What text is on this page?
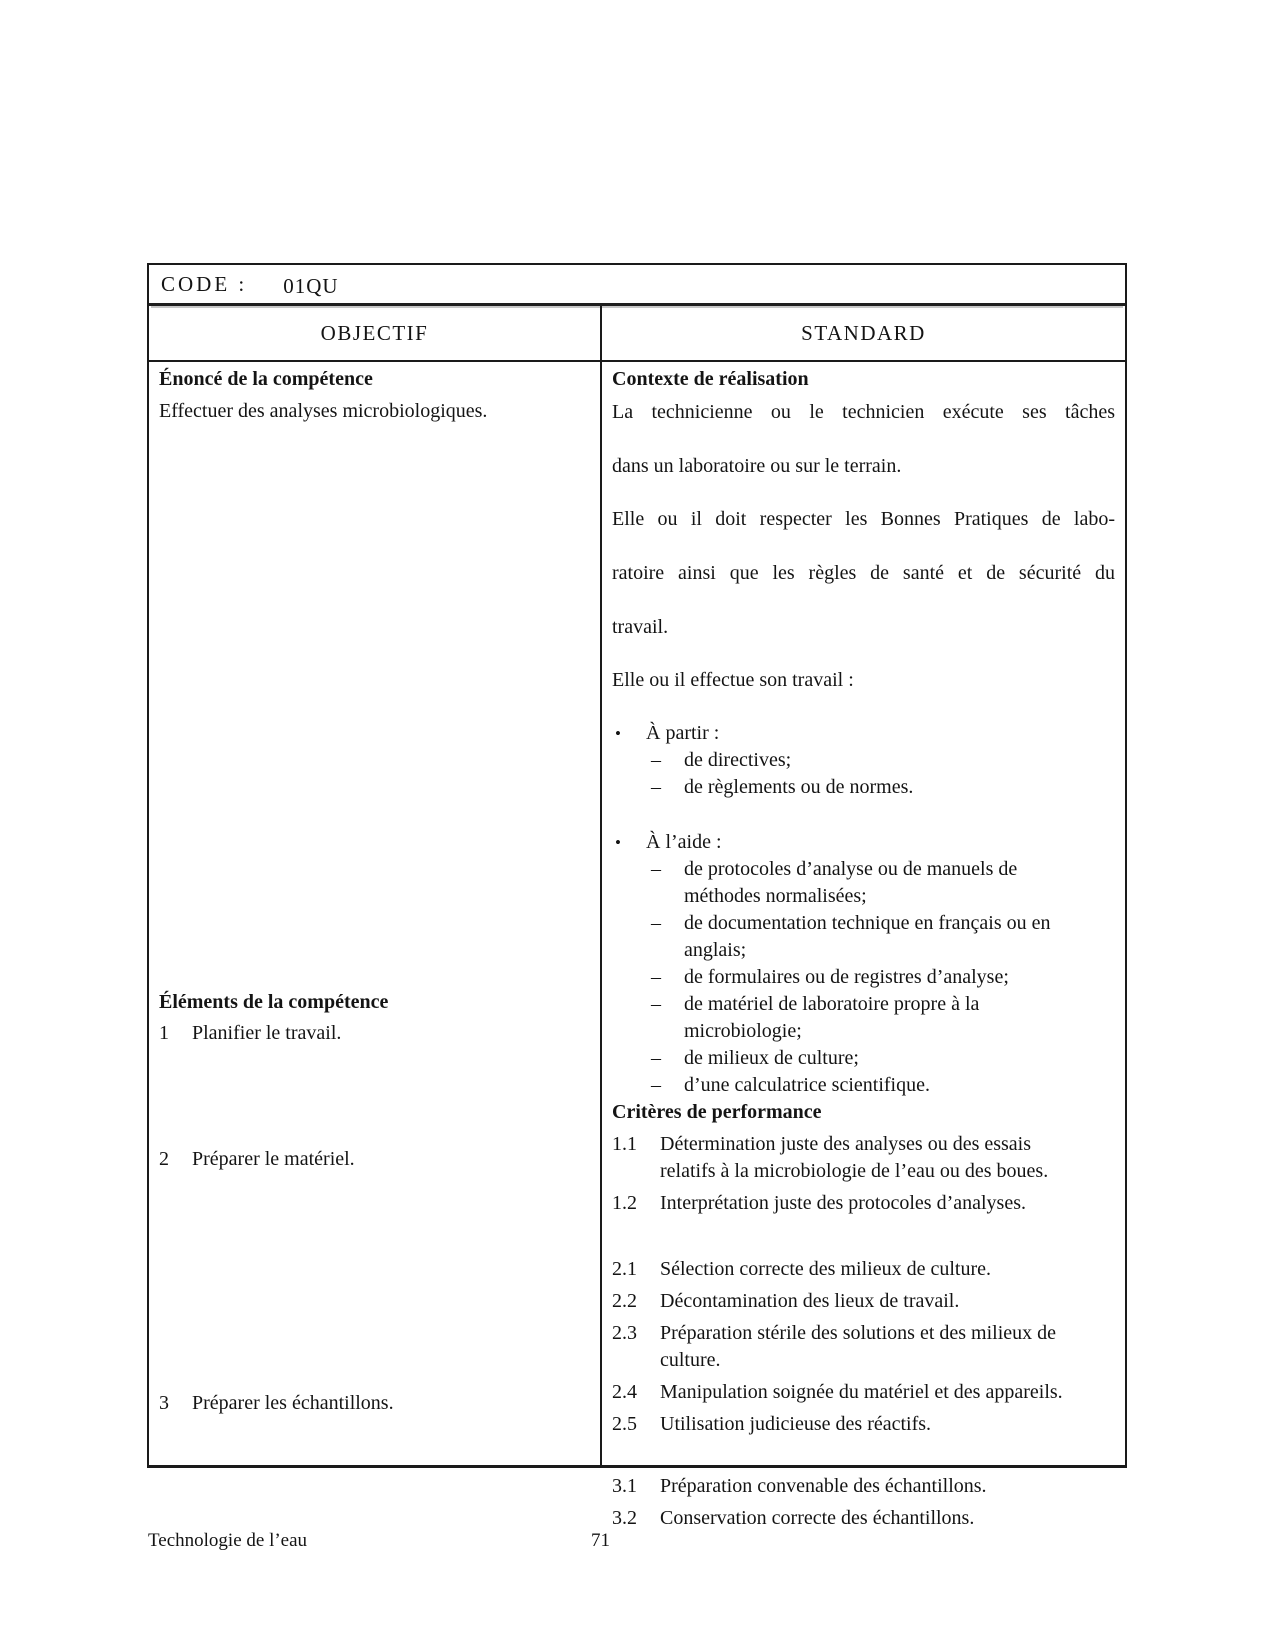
CODE : 01QU
OBJECTIF	STANDARD
Énoncé de la compétence
Effectuer des analyses microbiologiques.
Éléments de la compétence
1	Planifier le travail.
2	Préparer le matériel.
3	Préparer les échantillons.
Contexte de réalisation
La technicienne ou le technicien exécute ses tâches
dans un laboratoire ou sur le terrain.
Elle ou il doit respecter les Bonnes Pratiques de labo-
ratoire ainsi que les règles de santé et de sécurité du
travail.
Elle ou il effectue son travail :
•	À partir :
–	de directives;
–	de règlements ou de normes.
•	À l’aide :
–	de protocoles d’analyse ou de manuels de méthodes normalisées;
–	de documentation technique en français ou en anglais;
–	de formulaires ou de registres d’analyse;
–	de matériel de laboratoire propre à la microbiologie;
–	de milieux de culture;
–	d’une calculatrice scientifique.
Critères de performance
1.1	Détermination juste des analyses ou des essais relatifs à la microbiologie de l’eau ou des boues.
1.2	Interprétation juste des protocoles d’analyses.
2.1	Sélection correcte des milieux de culture.
2.2	Décontamination des lieux de travail.
2.3	Préparation stérile des solutions et des milieux de culture.
2.4	Manipulation soignée du matériel et des appareils.
2.5	Utilisation judicieuse des réactifs.
3.1	Préparation convenable des échantillons.
3.2	Conservation correcte des échantillons.
Technologie de l’eau	71
